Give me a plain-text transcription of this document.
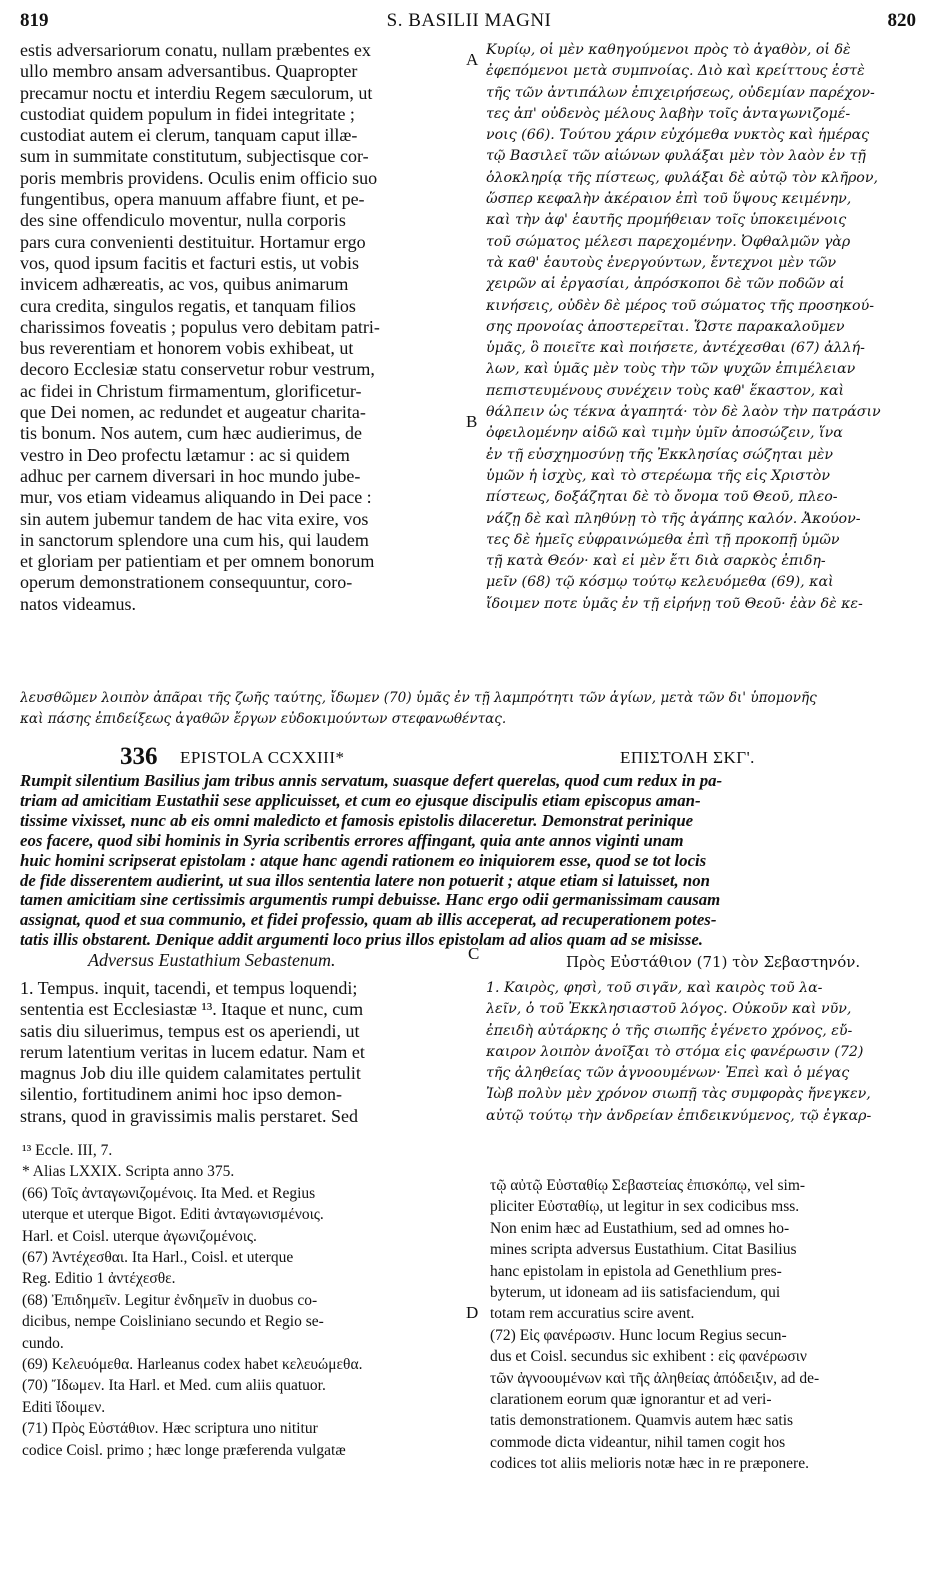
819	S. BASILII MAGNI	820
estis adversariorum conatu, nullam præbentes ex
ullo membro ansam adversantibus. Quapropter
precamur noctu et interdiu Regem sæculorum, ut
custodiat quidem populum in fidei integritate ;
custodiat autem ei clerum, tanquam caput illæ-
sum in summitate constitutum, subjectisque cor-
poris membris providens. Oculis enim officio suo
fungentibus, opera manuum affabre fiunt, et pe-
des sine offendiculo moventur, nulla corporis
pars cura convenienti destituitur. Hortamur ergo
vos, quod ipsum facitis et facturi estis, ut vobis
invicem adhæreatis, ac vos, quibus animarum
cura credita, singulos regatis, et tanquam filios
charissimos foveatis ; populus vero debitam patri-
bus reverentiam et honorem vobis exhibeat, ut
decoro Ecclesiæ statu conservetur robur vestrum,
ac fidei in Christum firmamentum, glorificetur-
que Dei nomen, ac redundet et augeatur charita-
tis bonum. Nos autem, cum hæc audierimus, de
vestro in Deo profectu lætamur : ac si quidem
adhuc per carnem diversari in hoc mundo jube-
mur, vos etiam videamus aliquando in Dei pace :
sin autem jubemur tandem de hac vita exire, vos
in sanctorum splendore una cum his, qui laudem
et gloriam per patientiam et per omnem bonorum
operum demonstrationem consequuntur, coro-
natos videamus.
Κυρίῳ, οἱ μὲν καθηγούμενοι πρὸς τὸ ἀγαθὸν, οἱ δὲ
ἐφεπόμενοι μετὰ συμπνοίας. Διὸ καὶ κρείττους ἐστὲ
τῆς τῶν ἀντιπάλων ἐπιχειρήσεως, οὐδεμίαν παρέχον-
τες ἀπ' οὐδενὸς μέλους λαβὴν τοῖς ἀνταγωνιζομέ-
νοις (66). Τούτου χάριν εὐχόμεθα νυκτὸς καὶ ἡμέρας
τῷ Βασιλεῖ τῶν αἰώνων φυλάξαι μὲν τὸν λαὸν ἐν τῇ
ὁλοκληρίᾳ τῆς πίστεως, φυλάξαι δὲ αὐτῷ τὸν κλῆρον,
ὥσπερ κεφαλὴν ἀκέραιον ἐπὶ τοῦ ὕψους κειμένην,
καὶ τὴν ἀφ' ἑαυτῆς προμήθειαν τοῖς ὑποκειμένοις
τοῦ σώματος μέλεσι παρεχομένην. Ὀφθαλμῶν γὰρ
τὰ καθ' ἑαυτοὺς ἐνεργούντων, ἔντεχνοι μὲν τῶν
χειρῶν αἱ ἐργασίαι, ἀπρόσκοποι δὲ τῶν ποδῶν αἱ
κινήσεις, οὐδὲν δὲ μέρος τοῦ σώματος τῆς προσηκού-
σης προνοίας ἀποστερεῖται. Ὥστε παρακαλοῦμεν
ὑμᾶς, ὃ ποιεῖτε καὶ ποιήσετε, ἀντέχεσθαι (67) ἀλλή-
λων, καὶ ὑμᾶς μὲν τοὺς τὴν τῶν ψυχῶν ἐπιμέλειαν
πεπιστευμένους συνέχειν τοὺς καθ' ἕκαστον, καὶ
θάλπειν ὡς τέκνα ἀγαπητά· τὸν δὲ λαὸν τὴν πατράσιν
ὀφειλομένην αἰδῶ καὶ τιμὴν ὑμῖν ἀποσώζειν, ἵνα
ἐν τῇ εὐσχημοσύνῃ τῆς Ἐκκλησίας σώζηται μὲν
ὑμῶν ἡ ἰσχὺς, καὶ τὸ στερέωμα τῆς εἰς Χριστὸν
πίστεως, δοξάζηται δὲ τὸ ὄνομα τοῦ Θεοῦ, πλεο-
νάζῃ δὲ καὶ πληθύνῃ τὸ τῆς ἀγάπης καλόν. Ἀκούον-
τες δὲ ἡμεῖς εὐφραινώμεθα ἐπὶ τῇ προκοπῇ ὑμῶν
τῇ κατὰ Θεόν· καὶ εἰ μὲν ἔτι διὰ σαρκὸς ἐπιδη-
μεῖν (68) τῷ κόσμῳ τούτῳ κελευόμεθα (69), καὶ
ἴδοιμεν ποτε ὑμᾶς ἐν τῇ εἰρήνῃ τοῦ Θεοῦ· ἐὰν δὲ κε-
λευσθῶμεν λοιπὸν ἀπᾶραι τῆς ζωῆς ταύτης, ἴδωμεν (70) ὑμᾶς ἐν τῇ λαμπρότητι τῶν ἁγίων, μετὰ τῶν δι' ὑπομονῆς
καὶ πάσης ἐπιδείξεως ἀγαθῶν ἔργων εὐδοκιμούντων στεφανωθέντας.
A
B
C
D
336 EPISTOLA CCXXIII*	ΕΠΙΣΤΟΛΗ ΣΚΓ'.
Rumpit silentium Basilius jam tribus annis servatum, suasque defert querelas, quod cum redux in pa-
triam ad amicitiam Eustathii sese applicuisset, et cum eo ejusque discipulis etiam episcopus aman-
tissime vixisset, nunc ab eis omni maledicto et famosis epistolis dilaceretur. Demonstrat perinique
eos facere, quod sibi hominis in Syria scribentis errores affingant, quia ante annos viginti unam
huic homini scripserat epistolam : atque hanc agendi rationem eo iniquiorem esse, quod se tot locis
de fide disserentem audierint, ut sua illos sententia latere non potuerit ; atque etiam si latuisset, non
tamen amicitiam sine certissimis argumentis rumpi debuisse. Hanc ergo odii germanissimam causam
assignat, quod et sua communio, et fidei professio, quam ab illis acceperat, ad recuperationem potes-
tatis illis obstarent. Denique addit argumenti loco prius illos epistolam ad alios quam ad se misisse.
Adversus Eustathium Sebastenum.	Πρὸς Εὐστάθιον (71) τὸν Σεβαστηνόν.
1. Tempus. inquit, tacendi, et tempus loquendi;
sententia est Ecclesiastæ ¹³. Itaque et nunc, cum
satis diu siluerimus, tempus est os aperiendi, ut
rerum latentium veritas in lucem edatur. Nam et
magnus Job diu ille quidem calamitates pertulit
silentio, fortitudinem animi hoc ipso demon-
strans, quod in gravissimis malis perstaret. Sed
1. Καιρὸς, φησὶ, τοῦ σιγᾶν, καὶ καιρὸς τοῦ λα-
λεῖν, ὁ τοῦ Ἐκκλησιαστοῦ λόγος. Οὐκοῦν καὶ νῦν,
ἐπειδὴ αὐτάρκης ὁ τῆς σιωπῆς ἐγένετο χρόνος, εὔ-
καιρον λοιπὸν ἀνοῖξαι τὸ στόμα εἰς φανέρωσιν (72)
τῆς ἀληθείας τῶν ἀγνοουμένων· Ἐπεὶ καὶ ὁ μέγας
Ἰὼβ πολὺν μὲν χρόνον σιωπῇ τὰς συμφορὰς ἤνεγκεν,
αὐτῷ τούτῳ τὴν ἀνδρείαν ἐπιδεικνύμενος, τῷ ἐγκαρ-
¹³ Eccle. III, 7.
* Alias LXXIX. Scripta anno 375.
(66) Τοῖς ἀνταγωνιζομένοις. Ita Med. et Regius
uterque et uterque Bigot. Editi ἀνταγωνισμένοις.
Harl. et Coisl. uterque ἀγωνιζομένοις.
(67) Ἀντέχεσθαι. Ita Harl., Coisl. et uterque
Reg. Editio 1 ἀντέχεσθε.
(68) Ἐπιδημεῖν. Legitur ἐνδημεῖν in duobus co-
dicibus, nempe Coisliniano secundo et Regio se-
cundo.
(69) Κελευόμεθα. Harleanus codex habet κελευώμεθα.
(70) Ἴδωμεν. Ita Harl. et Med. cum aliis quatuor.
Editi ἴδοιμεν.
(71) Πρὸς Εὐστάθιον. Hæc scriptura uno nititur
codice Coisl. primo ; hæc longe præferenda vulgatæ
τῷ αὐτῷ Εὐσταθίῳ Σεβαστείας ἐπισκόπῳ, vel sim-
pliciter Εὐσταθίῳ, ut legitur in sex codicibus mss.
Non enim hæc ad Eustathium, sed ad omnes ho-
mines scripta adversus Eustathium. Citat Basilius
hanc epistolam in epistola ad Genethlium pres-
byterum, ut idoneam ad iis satisfaciendum, qui
totam rem accuratius scire avent.
(72) Εἰς φανέρωσιν. Hunc locum Regius secun-
dus et Coisl. secundus sic exhibent : εἰς φανέρωσιν
τῶν ἀγνοουμένων καὶ τῆς ἀληθείας ἀπόδειξιν, ad de-
clarationem eorum quæ ignorantur et ad veri-
tatis demonstrationem. Quamvis autem hæc satis
commode dicta videantur, nihil tamen cogit hos
codices tot aliis melioris notæ hæc in re præponere.
